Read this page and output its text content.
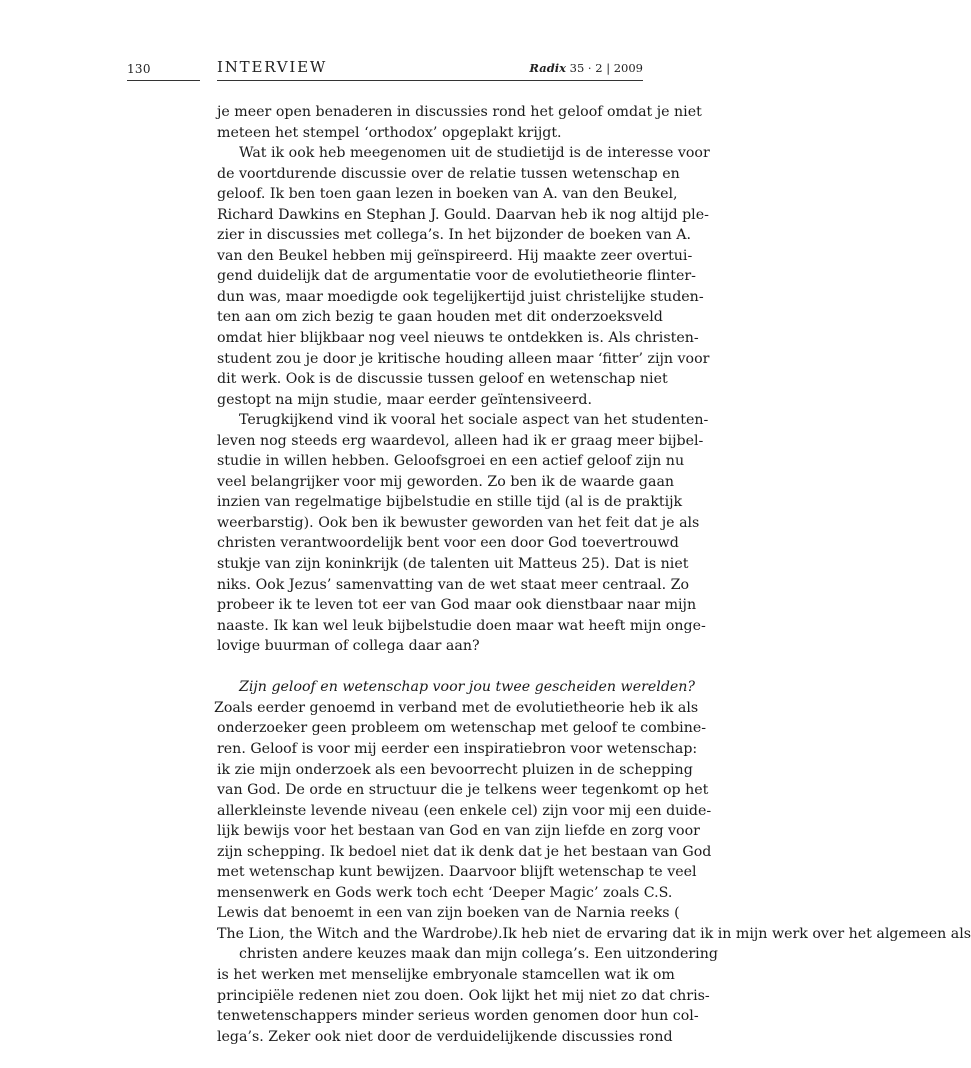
130	INTERVIEW	Radix 35 · 2 | 2009
je meer open benaderen in discussies rond het geloof omdat je niet
meteen het stempel ‘orthodox’ opgeplakt krijgt.
Wat ik ook heb meegenomen uit de studietijd is de interesse voor
de voortdurende discussie over de relatie tussen wetenschap en
geloof. Ik ben toen gaan lezen in boeken van A. van den Beukel,
Richard Dawkins en Stephan J. Gould. Daarvan heb ik nog altijd ple-
zier in discussies met collega’s. In het bijzonder de boeken van A.
van den Beukel hebben mij geïnspireerd. Hij maakte zeer overtui-
gend duidelijk dat de argumentatie voor de evolutietheorie flinter-
dun was, maar moedigde ook tegelijkertijd juist christelijke studen-
ten aan om zich bezig te gaan houden met dit onderzoeksveld
omdat hier blijkbaar nog veel nieuws te ontdekken is. Als christen-
student zou je door je kritische houding alleen maar ‘fitter’ zijn voor
dit werk. Ook is de discussie tussen geloof en wetenschap niet
gestopt na mijn studie, maar eerder geïntensiveerd.
Terugkijkend vind ik vooral het sociale aspect van het studenten-
leven nog steeds erg waardevol, alleen had ik er graag meer bijbel-
studie in willen hebben. Geloofsgroei en een actief geloof zijn nu
veel belangrijker voor mij geworden. Zo ben ik de waarde gaan
inzien van regelmatige bijbelstudie en stille tijd (al is de praktijk
weerbarstig). Ook ben ik bewuster geworden van het feit dat je als
christen verantwoordelijk bent voor een door God toevertrouwd
stukje van zijn koninkrijk (de talenten uit Matteus 25). Dat is niet
niks. Ook Jezus’ samenvatting van de wet staat meer centraal. Zo
probeer ik te leven tot eer van God maar ook dienstbaar naar mijn
naaste. Ik kan wel leuk bijbelstudie doen maar wat heeft mijn onge-
lovige buurman of collega daar aan?
Zijn geloof en wetenschap voor jou twee gescheiden werelden?
Zoals eerder genoemd in verband met de evolutietheorie heb ik als
onderzoeker geen probleem om wetenschap met geloof te combine-
ren. Geloof is voor mij eerder een inspiratiebron voor wetenschap:
ik zie mijn onderzoek als een bevoorrecht pluizen in de schepping
van God. De orde en structuur die je telkens weer tegenkomt op het
allerkleinste levende niveau (een enkele cel) zijn voor mij een duide-
lijk bewijs voor het bestaan van God en van zijn liefde en zorg voor
zijn schepping. Ik bedoel niet dat ik denk dat je het bestaan van God
met wetenschap kunt bewijzen. Daarvoor blijft wetenschap te veel
mensenwerk en Gods werk toch echt ‘Deeper Magic’ zoals C.S.
Lewis dat benoemt in een van zijn boeken van de Narnia reeks (
The Lion, the Witch and the Wardrobe).Ik heb niet de ervaring dat ik in mijn werk over het algemeen als
christen andere keuzes maak dan mijn collega’s. Een uitzondering
is het werken met menselijke embryonale stamcellen wat ik om
principiële redenen niet zou doen. Ook lijkt het mij niet zo dat chris-
tenwetenschappers minder serieus worden genomen door hun col-
lega’s. Zeker ook niet door de verduidelijkende discussies rond
